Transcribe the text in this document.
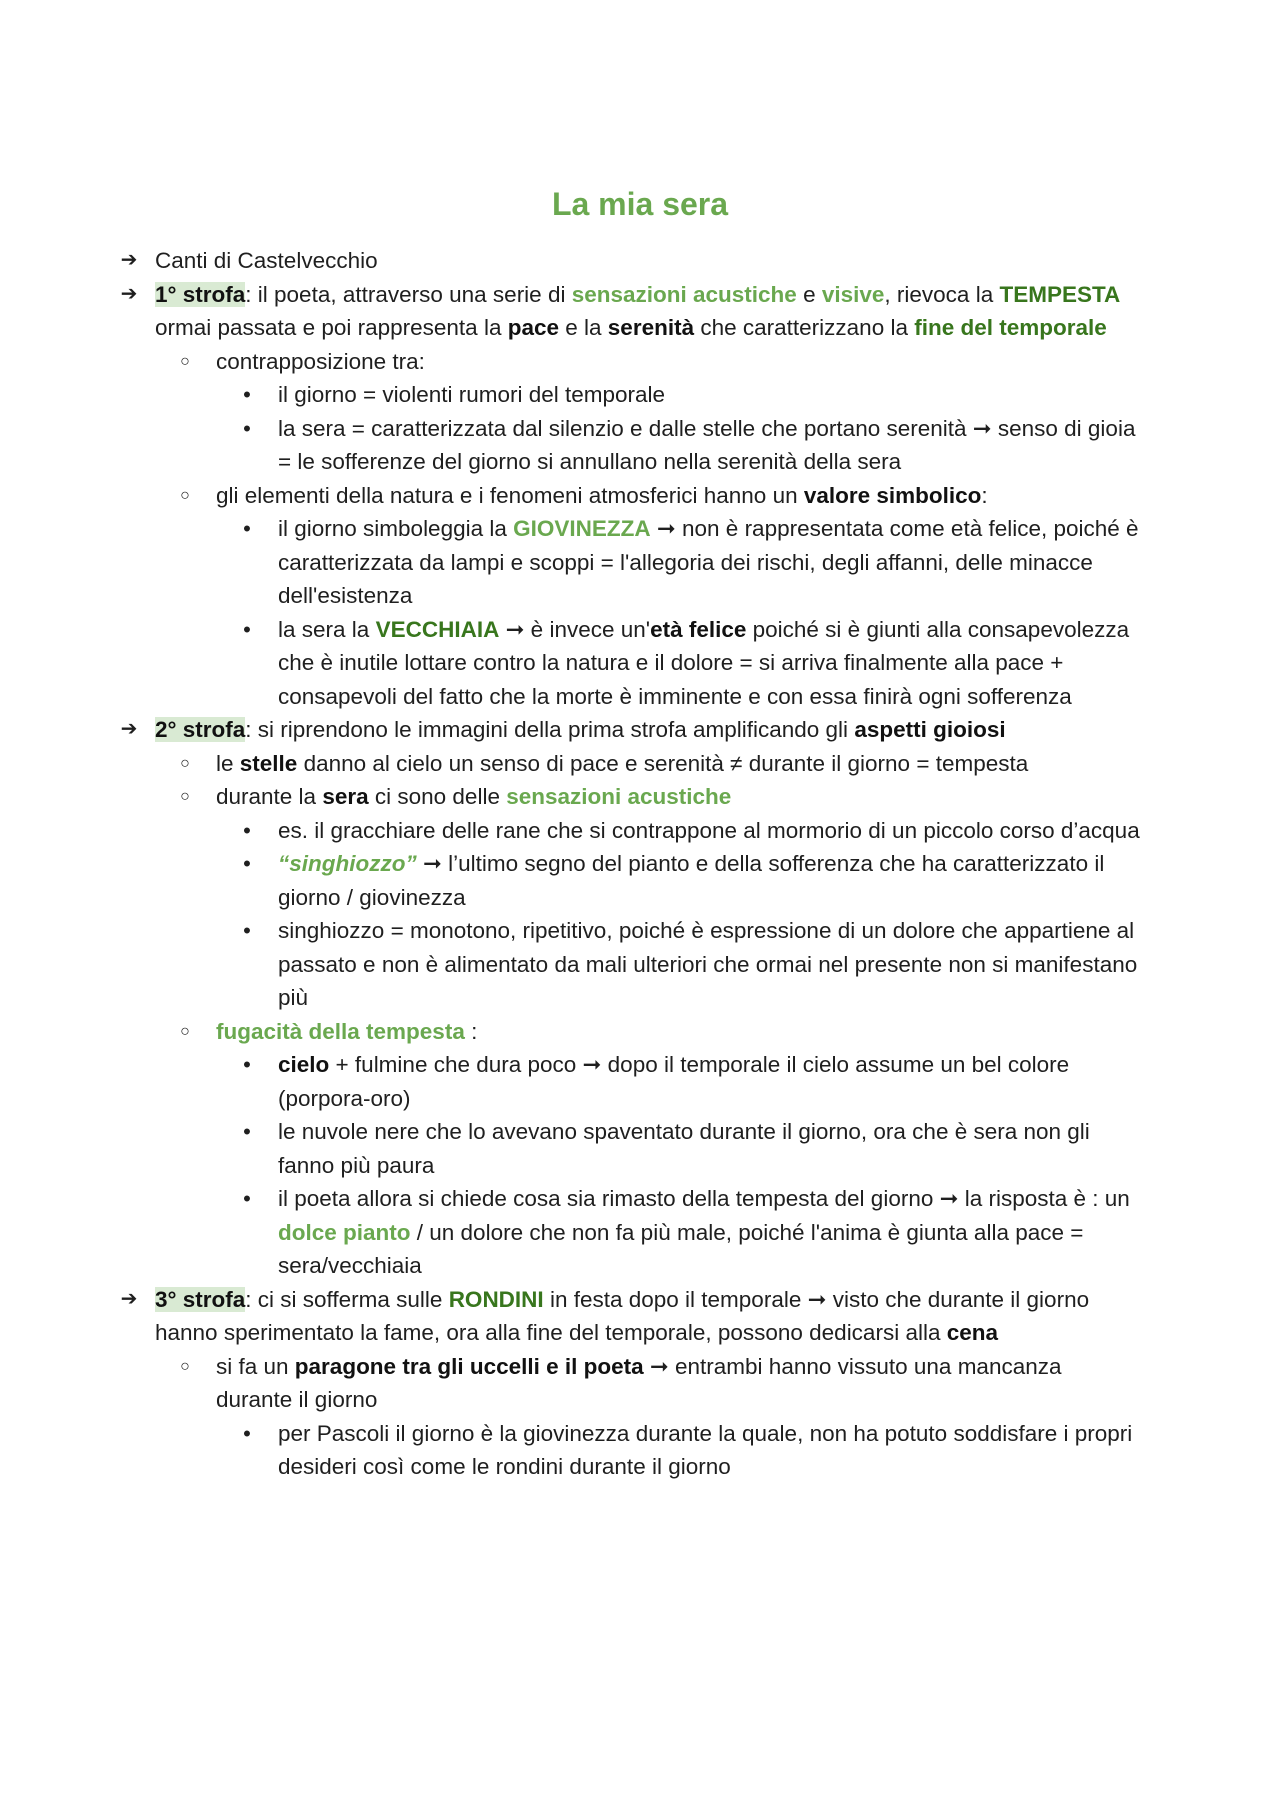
La mia sera
➔ Canti di Castelvecchio
➔ 1° strofa: il poeta, attraverso una serie di sensazioni acustiche e visive, rievoca la TEMPESTA ormai passata e poi rappresenta la pace e la serenità che caratterizzano la fine del temporale
○ contrapposizione tra:
• il giorno = violenti rumori del temporale
• la sera = caratterizzata dal silenzio e dalle stelle che portano serenità ➞ senso di gioia = le sofferenze del giorno si annullano nella serenità della sera
○ gli elementi della natura e i fenomeni atmosferici hanno un valore simbolico:
• il giorno simboleggia la GIOVINEZZA ➞ non è rappresentata come età felice, poiché è caratterizzata da lampi e scoppi = l'allegoria dei rischi, degli affanni, delle minacce dell'esistenza
• la sera la VECCHIAIA ➞ è invece un'età felice poiché si è giunti alla consapevolezza che è inutile lottare contro la natura e il dolore = si arriva finalmente alla pace + consapevoli del fatto che la morte è imminente e con essa finirà ogni sofferenza
➔ 2° strofa: si riprendono le immagini della prima strofa amplificando gli aspetti gioiosi
○ le stelle danno al cielo un senso di pace e serenità ≠ durante il giorno = tempesta
○ durante la sera ci sono delle sensazioni acustiche
• es. il gracchiare delle rane che si contrappone al mormorio di un piccolo corso d’acqua
• “singhiozzo” ➞ l’ultimo segno del pianto e della sofferenza che ha caratterizzato il giorno / giovinezza
• singhiozzo = monotono, ripetitivo, poiché è espressione di un dolore che appartiene al passato e non è alimentato da mali ulteriori che ormai nel presente non si manifestano più
○ fugacità della tempesta :
• cielo + fulmine che dura poco ➞ dopo il temporale il cielo assume un bel colore (porpora-oro)
• le nuvole nere che lo avevano spaventato durante il giorno, ora che è sera non gli fanno più paura
• il poeta allora si chiede cosa sia rimasto della tempesta del giorno ➞ la risposta è : un dolce pianto / un dolore che non fa più male, poiché l'anima è giunta alla pace = sera/vecchiaia
➔ 3° strofa: ci si sofferma sulle RONDINI in festa dopo il temporale ➞ visto che durante il giorno hanno sperimentato la fame, ora alla fine del temporale, possono dedicarsi alla cena
○ si fa un paragone tra gli uccelli e il poeta ➞ entrambi hanno vissuto una mancanza durante il giorno
• per Pascoli il giorno è la giovinezza durante la quale, non ha potuto soddisfare i propri desideri così come le rondini durante il giorno
